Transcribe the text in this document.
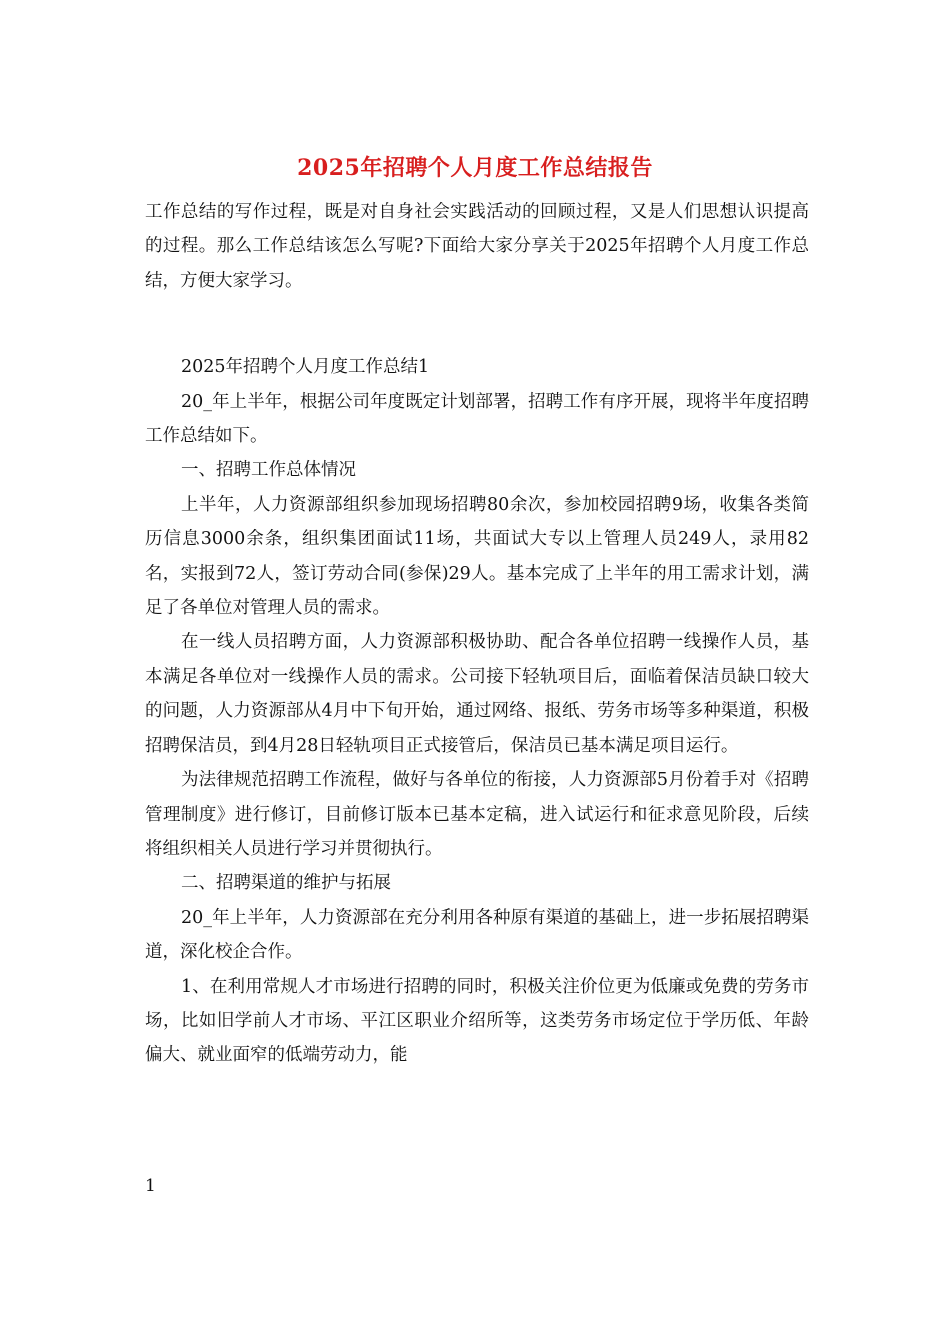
2025年招聘个人月度工作总结报告

工作总结的写作过程，既是对自身社会实践活动的回顾过程，又是人们思想认识提高的过程。那么工作总结该怎么写呢?下面给大家分享关于2025年招聘个人月度工作总结，方便大家学习。

2025年招聘个人月度工作总结1

20_年上半年，根据公司年度既定计划部署，招聘工作有序开展，现将半年度招聘工作总结如下。

一、招聘工作总体情况

上半年，人力资源部组织参加现场招聘80余次，参加校园招聘9场，收集各类简历信息3000余条，组织集团面试11场，共面试大专以上管理人员249人，录用82名，实报到72人，签订劳动合同(参保)29人。基本完成了上半年的用工需求计划，满足了各单位对管理人员的需求。

在一线人员招聘方面，人力资源部积极协助、配合各单位招聘一线操作人员，基本满足各单位对一线操作人员的需求。公司接下轻轨项目后，面临着保洁员缺口较大的问题，人力资源部从4月中下旬开始，通过网络、报纸、劳务市场等多种渠道，积极招聘保洁员，到4月28日轻轨项目正式接管后，保洁员已基本满足项目运行。

为法律规范招聘工作流程，做好与各单位的衔接，人力资源部5月份着手对《招聘管理制度》进行修订，目前修订版本已基本定稿，进入试运行和征求意见阶段，后续将组织相关人员进行学习并贯彻执行。

二、招聘渠道的维护与拓展

20_年上半年，人力资源部在充分利用各种原有渠道的基础上，进一步拓展招聘渠道，深化校企合作。

1、在利用常规人才市场进行招聘的同时，积极关注价位更为低廉或免费的劳务市场，比如旧学前人才市场、平江区职业介绍所等，这类劳务市场定位于学历低、年龄偏大、就业面窄的低端劳动力，能

1
